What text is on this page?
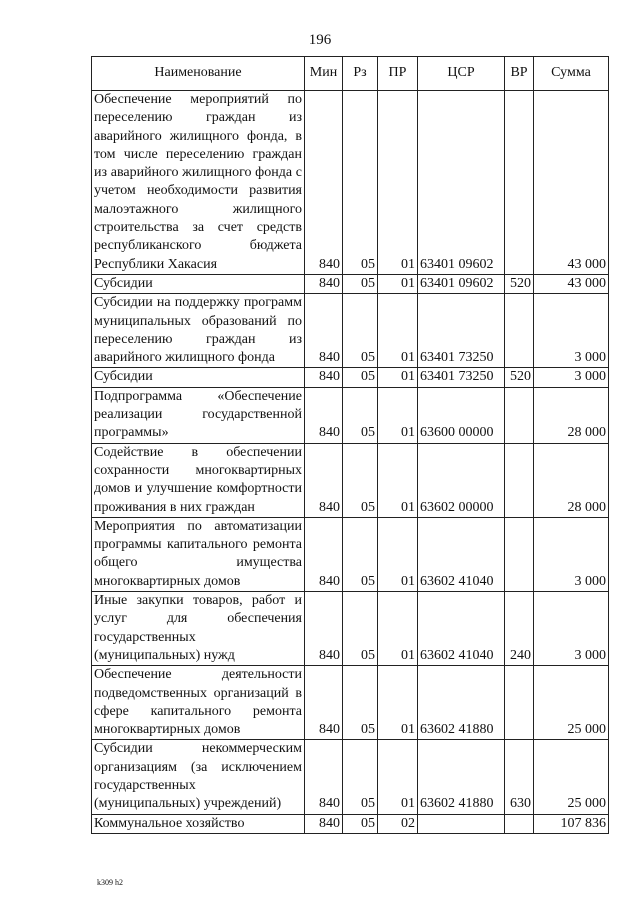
196
Наименование	Мин	Рз	ПР	ЦСР	ВР	Сумма
Обеспечение мероприятий по переселению граждан из аварийного жилищного фонда, в том числе переселению граждан из аварийного жилищного фонда с учетом необходимости развития малоэтажного жилищного строительства за счет средств республиканского бюджета Республики Хакасия	840	05	01	63401 09602		43 000
Субсидии	840	05	01	63401 09602	520	43 000
Субсидии на поддержку программ муниципальных образований по переселению граждан из аварийного жилищного фонда	840	05	01	63401 73250		3 000
Субсидии	840	05	01	63401 73250	520	3 000
Подпрограмма «Обеспечение реализации государственной программы»	840	05	01	63600 00000		28 000
Содействие в обеспечении сохранности многоквартирных домов и улучшение комфортности проживания в них граждан	840	05	01	63602 00000		28 000
Мероприятия по автоматизации программы капитального ремонта общего имущества многоквартирных домов	840	05	01	63602 41040		3 000
Иные закупки товаров, работ и услуг для обеспечения государственных (муниципальных) нужд	840	05	01	63602 41040	240	3 000
Обеспечение деятельности подведомственных организаций в сфере капитального ремонта многоквартирных домов	840	05	01	63602 41880		25 000
Субсидии некоммерческим организациям (за исключением государственных (муниципальных) учреждений)	840	05	01	63602 41880	630	25 000
Коммунальное хозяйство	840	05	02			107 836
k309 h2
